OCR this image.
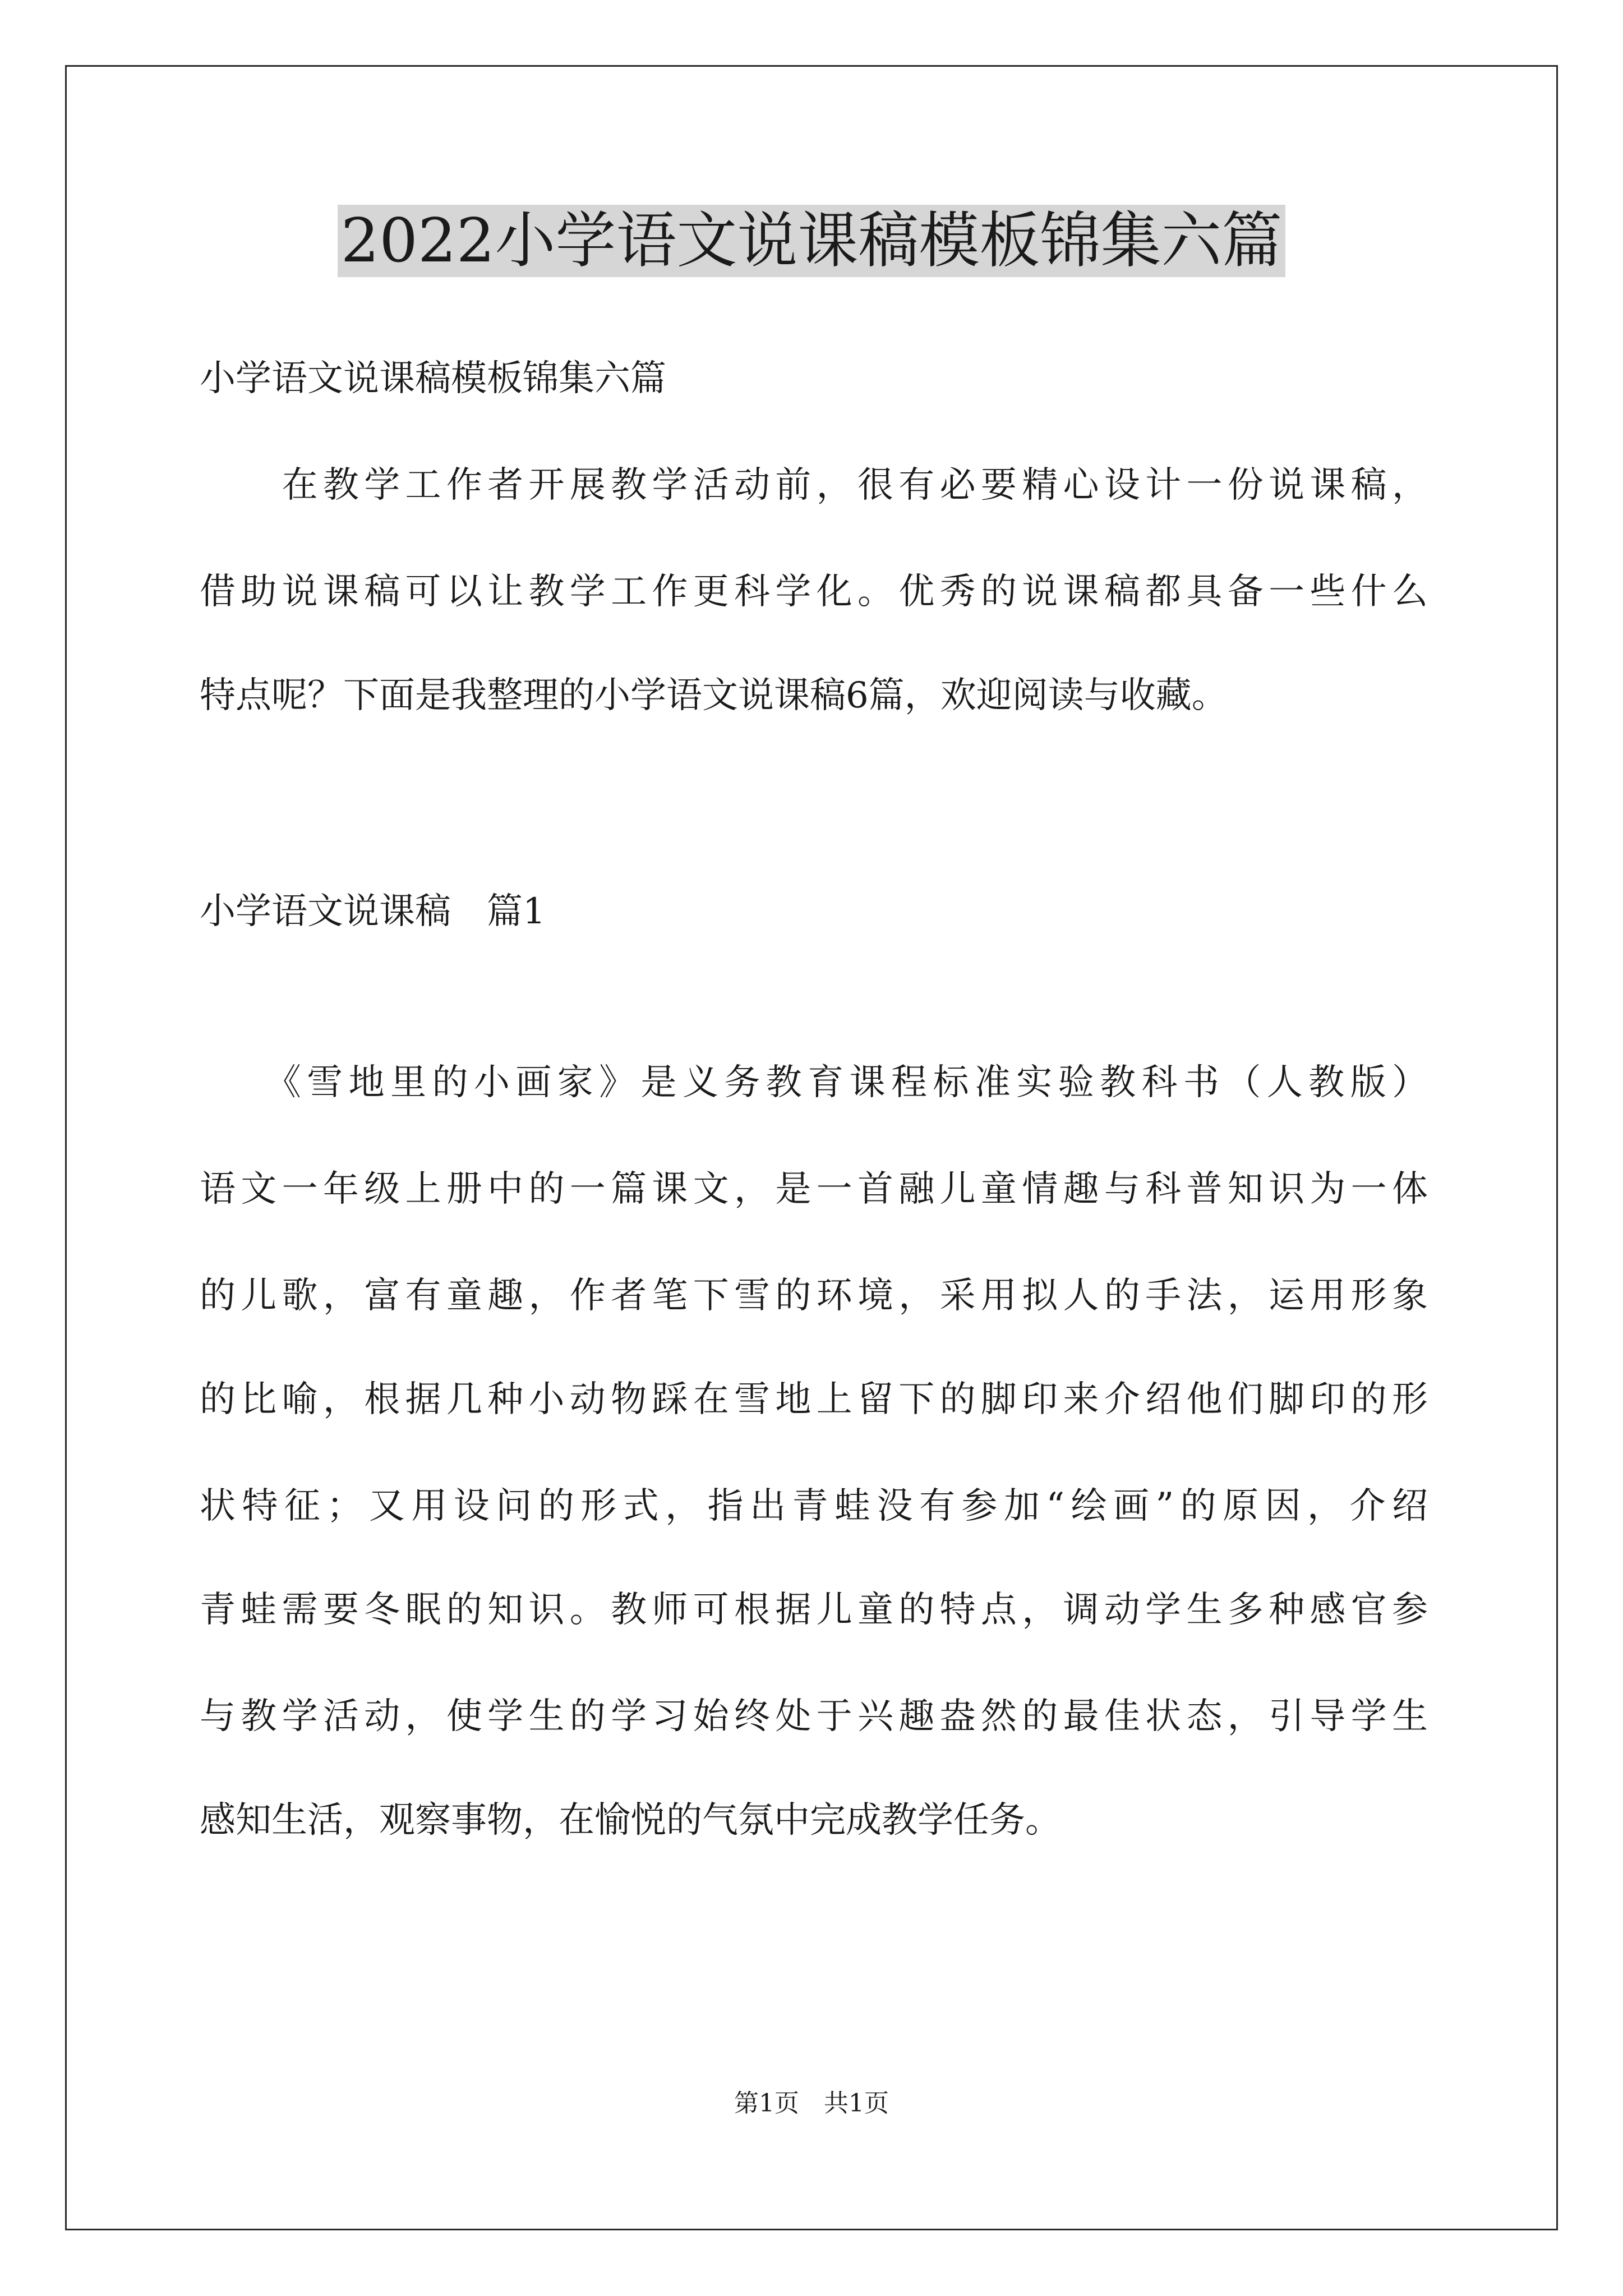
2022小学语文说课稿模板锦集六篇

小学语文说课稿模板锦集六篇

　　在教学工作者开展教学活动前，很有必要精心设计一份说课稿，

借助说课稿可以让教学工作更科学化。优秀的说课稿都具备一些什么

特点呢？下面是我整理的小学语文说课稿6篇，欢迎阅读与收藏。

小学语文说课稿　篇1

　　《雪地里的小画家》是义务教育课程标准实验教科书（人教版）

语文一年级上册中的一篇课文，是一首融儿童情趣与科普知识为一体

的儿歌，富有童趣，作者笔下雪的环境，采用拟人的手法，运用形象

的比喻，根据几种小动物踩在雪地上留下的脚印来介绍他们脚印的形

状特征；又用设问的形式，指出青蛙没有参加“绘画”的原因，介绍

青蛙需要冬眠的知识。教师可根据儿童的特点，调动学生多种感官参

与教学活动，使学生的学习始终处于兴趣盎然的最佳状态，引导学生

感知生活，观察事物，在愉悦的气氛中完成教学任务。

第1页　共1页
